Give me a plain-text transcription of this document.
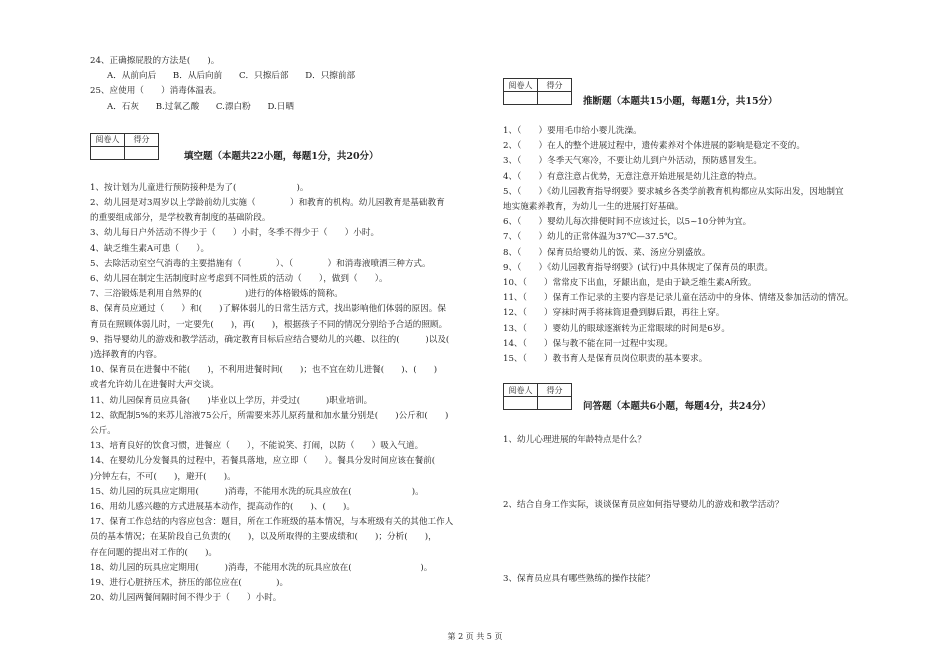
24、正确擦屁股的方法是(　　)。
A．从前向后 B．从后向前 C．只擦后部 D．只擦前部
25、应使用（　　）消毒体温表。
A．石灰 B.过氧乙酸 C.漂白粉 D.日晒
阅卷人	得分

填空题（本题共22小题，每题1分，共20分）
1、按计划为儿童进行预防接种是为了(　　　　　　　)。
2、幼儿园是对3周岁以上学龄前幼儿实施（　　　　）和教育的机构。幼儿园教育是基础教育
的重要组成部分，是学校教育制度的基础阶段。
3、幼儿每日户外活动不得少于（　　）小时，冬季不得少于（　　）小时。
4、缺乏维生素A可患（　　）。
5、去除活动室空气消毒的主要措施有（　　　　）、（　　　　）和消毒液喷洒三种方式。
6、幼儿园在制定生活制度时应考虑到不同性质的活动（　　），做到（　　）。
7、三浴锻炼是利用自然界的(　　　　　)进行的体格锻炼的简称。
8、保育员应通过（　　）和(　　)了解体弱儿的日常生活方式，找出影响他们体弱的原因。保
育员在照顾体弱儿时，一定要先(　　)，再(　　)，根据孩子不同的情况分别给予合适的照顾。
9、指导婴幼儿的游戏和教学活动，确定教育目标后应结合婴幼儿的兴趣、以往的(　　　)以及(
)选择教育的内容。
10、保育员在进餐中不能(　　)，不利用进餐时间(　　)；也不宜在幼儿进餐(　　)、(　　)
或者允许幼儿在进餐时大声交谈。
11、幼儿园保育员应具备(　　)毕业以上学历，并受过(　　　)职业培训。
12、欲配制5%的来苏儿溶液75公斤，所需要来苏儿原药量和加水量分别是(　　)公斤和(　　)
公斤。
13、培育良好的饮食习惯，进餐应（　　），不能说笑、打闹，以防（　　）吸入气道。
14、在婴幼儿分发餐具的过程中，若餐具落地，应立即（　　）。餐具分发时间应该在餐前(　　
)分钟左右，不可(　　)，避开(　　)。
15、幼儿园的玩具应定期用(　　　)消毒，不能用水洗的玩具应放在(　　　　　　　)。
16、用幼儿感兴趣的方式进展基本动作，提高动作的(　　)、(　　)。
17、保育工作总结的内容应包含：题目，所在工作班级的基本情况，与本班级有关的其他工作人
员的基本情况；在某阶段自己负责的(　　)，以及所取得的主要成绩和(　　)；分析(　　)，
存在问题的提出对工作的(　　)。
18、幼儿园的玩具应定期用(　　　)消毒，不能用水洗的玩具应放在(　　　　　　　　)。
19、进行心脏挤压术，挤压的部位应在(　　　　)。
20、幼儿园两餐间隔时间不得少于（　　）小时。
阅卷人	得分

推断题（本题共15小题，每题1分，共15分）
1、（　　）要用毛巾给小婴儿洗澡。
2、（　　）在人的整个进展过程中，遗传素养对个体进展的影响是稳定不变的。
3、（　　）冬季天气寒冷，不要让幼儿到户外活动，预防感冒发生。
4、（　　）有意注意占优势，无意注意开始进展是幼儿注意的特点。
5、（　　）《幼儿园教育指导纲要》要求城乡各类学前教育机构都应从实际出发，因地制宜
地实施素养教育，为幼儿一生的进展打好基础。
6、（　　）婴幼儿每次排便时间不应该过长，以5~10分钟为宜。
7、（　　）幼儿的正常体温为37℃—37.5℃。
8、（　　）保育员给婴幼儿的饭、菜、汤应分别盛放。
9、（　　）《幼儿园教育指导纲要》(试行)中具体规定了保育员的职责。
10、（　　）常常皮下出血，牙龈出血，是由于缺乏维生素A所致。
11、（　　）保育工作记录的主要内容是记录儿童在活动中的身体、情绪及参加活动的情况。
12、（　　）穿袜时两手将袜筒退叠到脚后跟，再往上穿。
13、（　　）婴幼儿的眼球逐渐转为正常眼球的时间是6岁。
14、（　　）保与教不能在同一过程中实现。
15、（　　）教书育人是保育员岗位职责的基本要求。
阅卷人	得分

问答题（本题共6小题，每题4分，共24分）
1、幼儿心理进展的年龄特点是什么？
2、结合自身工作实际，谈谈保育员应如何指导婴幼儿的游戏和教学活动？
3、保育员应具有哪些熟练的操作技能？
第 2 页 共 5 页
